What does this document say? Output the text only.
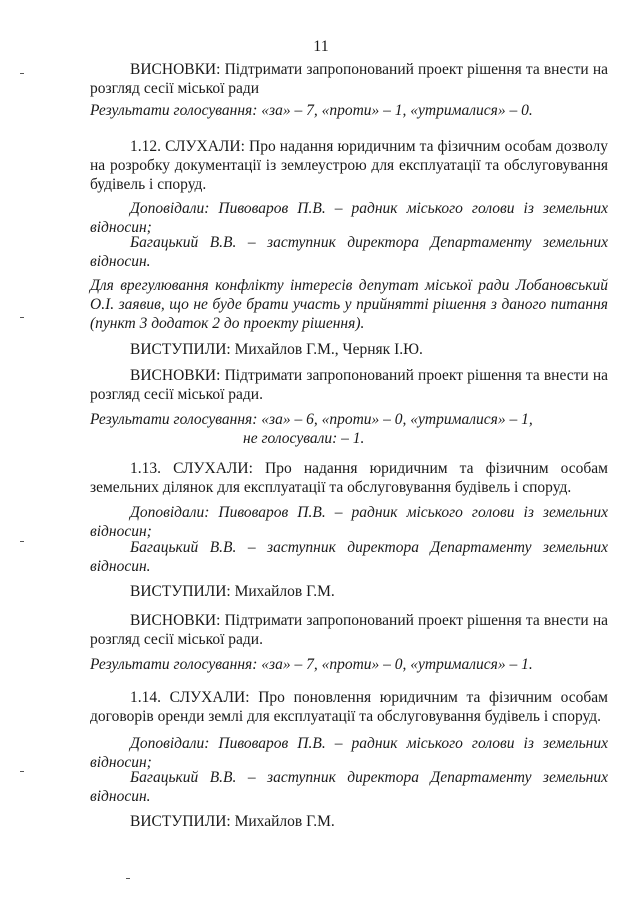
11
ВИСНОВКИ: Підтримати запропонований проект рішення та внести на розгляд сесії міської ради
Результати голосування: «за» – 7, «проти» – 1, «утрималися» – 0.
1.12. СЛУХАЛИ: Про надання юридичним та фізичним особам дозволу на розробку документації із землеустрою для експлуатації та обслуговування будівель і споруд.
Доповідали: Пивоваров П.В. – радник міського голови із земельних відносин;
Багацький В.В. – заступник директора Департаменту земельних відносин.
Для врегулювання конфлікту інтересів депутат міської ради Лобановський О.І. заявив, що не буде брати участь у прийнятті рішення з даного питання (пункт 3 додаток 2 до проекту рішення).
ВИСТУПИЛИ: Михайлов Г.М., Черняк І.Ю.
ВИСНОВКИ: Підтримати запропонований проект рішення та внести на розгляд сесії міської ради.
Результати голосування: «за» – 6, «проти» – 0, «утрималися» – 1,
не голосували: – 1.
1.13. СЛУХАЛИ: Про надання юридичним та фізичним особам земельних ділянок для експлуатації та обслуговування будівель і споруд.
Доповідали: Пивоваров П.В. – радник міського голови із земельних відносин;
Багацький В.В. – заступник директора Департаменту земельних відносин.
ВИСТУПИЛИ: Михайлов Г.М.
ВИСНОВКИ: Підтримати запропонований проект рішення та внести на розгляд сесії міської ради.
Результати голосування: «за» – 7, «проти» – 0, «утрималися» – 1.
1.14. СЛУХАЛИ: Про поновлення юридичним та фізичним особам договорів оренди землі для експлуатації та обслуговування будівель і споруд.
Доповідали: Пивоваров П.В. – радник міського голови із земельних відносин;
Багацький В.В. – заступник директора Департаменту земельних відносин.
ВИСТУПИЛИ: Михайлов Г.М.
